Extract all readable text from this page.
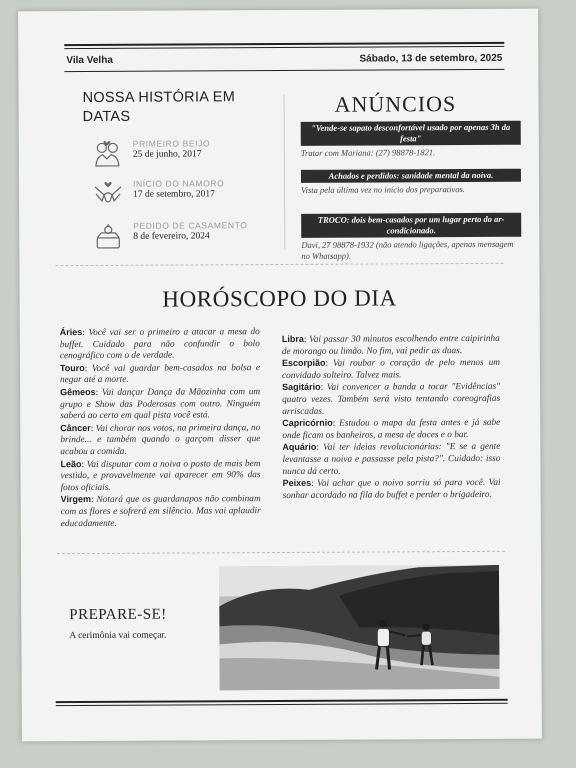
Vila Velha	Sábado, 13 de setembro, 2025
NOSSA HISTÓRIA EM DATAS
PRIMEIRO BEIJO
25 de junho, 2017
INÍCIO DO NAMORO
17 de setembro, 2017
PEDIDO DE CASAMENTO
8 de fevereiro, 2024
ANÚNCIOS
"Vende-se sapato desconfortável usado por apenas 3h da festa"
Tratar com Mariana: (27) 98878-1821.
Achados e perdidos: sanidade mental da noiva.
Vista pela última vez no início dos preparativos.
TROCO: dois bem-casados por um lugar perto do ar-condicionado.
Davi, 27 98878-1932 (não atendo ligações, apenas mensagem no Whatsapp).
HORÓSCOPO DO DIA

Áries: Você vai ser o primeiro a atacar a mesa do buffet. Cuidado para não confundir o bolo cenográfico com o de verdade.

Touro: Você vai guardar bem-casados na bolsa e negar até a morte.

Gêmeos: Vai dançar Dança da Mãozinha com um grupo e Show das Poderosas com outro. Ninguém saberá ao certo em qual pista você está.

Câncer: Vai chorar nos votos, na primeira dança, no brinde... e também quando o garçom disser que acabou a comida.

Leão: Vai disputar com a noiva o posto de mais bem vestido, e provavelmente vai aparecer em 90% das fotos oficiais.

Virgem: Notará que os guardanapos não combinam com as flores e sofrerá em silêncio. Mas vai aplaudir educadamente.

Libra: Vai passar 30 minutos escolhendo entre caipirinha de morango ou limão. No fim, vai pedir as duas.

Escorpião: Vai roubar o coração de pelo menos um convidado solteiro. Talvez mais.

Sagitário: Vai convencer a banda a tocar "Evidências" quatro vezes. Também será visto tentando coreografias arriscadas.

Capricórnio: Estudou o mapa da festa antes e já sabe onde ficam os banheiros, a mesa de doces e o bar.

Aquário: Vai ter ideias revolucionárias: "E se a gente levantasse a noiva e passasse pela pista?". Cuidado: isso nunca dá certo.

Peixes: Vai achar que o noivo sorriu só para você. Vai sonhar acordado na fila do buffet e perder o brigadeiro.

PREPARE-SE!
A cerimônia vai começar.
